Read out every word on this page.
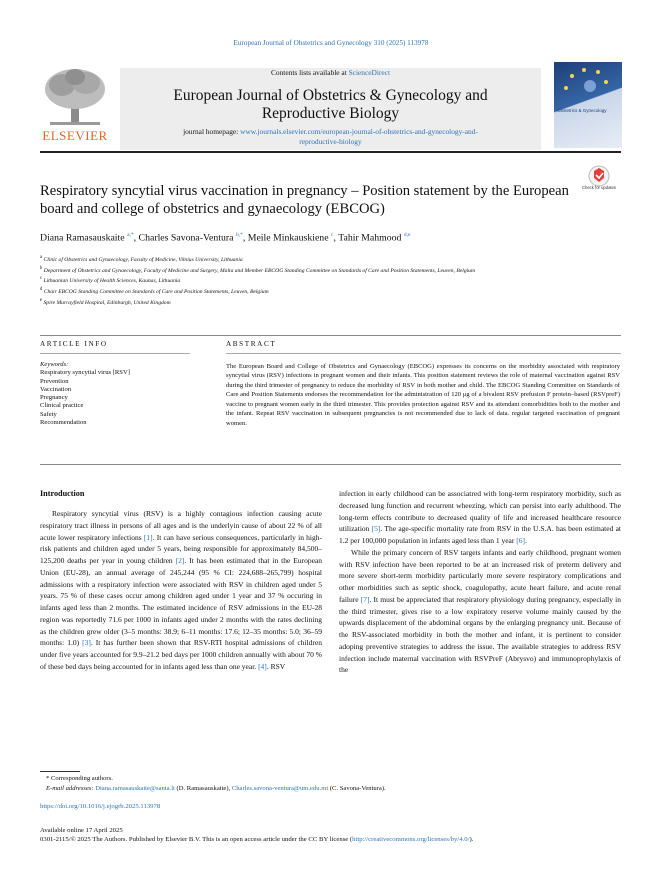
European Journal of Obstetrics and Gynecology 310 (2025) 113978
ELSEVIER
Contents lists available at ScienceDirect
European Journal of Obstetrics & Gynecology and
Reproductive Biology
journal homepage: www.journals.elsevier.com/european-journal-of-obstetrics-and-gynecology-and-
reproductive-biology
Obstetrics & Gynecology
Check for updates
Respiratory syncytial virus vaccination in pregnancy – Position statement by the European board and college of obstetrics and gynaecology (EBCOG)
Diana Ramasauskaite $^{a,*}$, Charles Savona-Ventura $^{b,*}$, Meile Minkauskiene $^c$, Tahir Mahmood $^{d,e}$
$^a$ Clinic of Obstetrics and Gynaecology, Faculty of Medicine, Vilnius University, Lithuania
$^b$ Department of Obstetrics and Gynaecology, Faculty of Medicine and Surgery, Malta and Member EBCOG Standing Committee on Standards of Care and Position Statements, Leuven, Belgium
$^c$ Lithuanian University of Health Sciences, Kaunas, Lithuania
$^d$ Chair EBCOG Standing Committee on Standards of Care and Position Statements, Leuven, Belgium
$^e$ Spire Murrayfield Hospital, Edinburgh, United Kingdom
ARTICLE INFO	ABSTRACT
Keywords:
Respiratory syncytial virus [RSV]
Prevention
Vaccination
Pregnancy
Clinical practice
Safety
Recommendation
The European Board and College of Obstetrics and Gynaecology (EBCOG) expresses its concerns on the morbidity associated with respiratory syncytial virus (RSV) infections in pregnant women and their infants. This position statement reviews the role of maternal vaccination against RSV during the third trimester of pregnancy to reduce the morbidity of RSV in both mother and child. The EBCOG Standing Committee on Standards of Care and Position Statements endorses the recommendation for the administration of 120 μg of a bivalent RSV prefusion F protein–based (RSVpreF) vaccine to pregnant women early in the third trimester. This provides protection against RSV and its attendant comorbidities both to the mother and the infant. Repeat RSV vaccination in subsequent pregnancies is not recommended due to lack of data. regular targeted vaccination of pregnant women.
Introduction

Respiratory syncytial virus (RSV) is a highly contagious infection causing acute respiratory tract illness in persons of all ages and is the underlyin cause of about 22 % of all acute lower respiratory infections [1]. It can have serious consequences, particularly in high-risk patients and children aged under 5 years, being responsible for approximately 84,500–125,200 deaths per year in young children [2]. It has been estimated that in the European Union (EU-28), an annual average of 245,244 (95 % CI: 224,688–265,799) hospital admissions with a respiratory infection were associated with RSV in children aged under 5 years. 75 % of these cases occur among children aged under 1 year and 37 % occuring in infants aged less than 2 months. The estimated incidence of RSV admissions in the EU-28 region was reportedly 71.6 per 1000 in infants aged under 2 months with the rates declining as the children grew older (3–5 months: 38.9; 6–11 months: 17.6; 12–35 months: 5.0; 36–59 months: 1.0) [3]. It has further been shown that RSV-RTI hospital admissions of children under five years accounted for 9.9–21.2 bed days per 1000 children annually with about 70 % of these bed days being accounted for in infants aged less than one year. [4]. RSV

infection in early childhood can be associatred with long-term respiratory morbidity, such as decreased lung function and recurrent wheezing, which can persist into early adulthood. The long-term effects contribute to decreased quality of life and increased healthcare resource utilization [5]. The age-specific mortality rate from RSV in the U.S.A. has been estimated at 1.2 per 100,000 population in infants aged less than 1 year [6].

While the primary concern of RSV targets infants and early childhood, pregnant women with RSV infection have been reported to be at an increased risk of preterm delivery and more severe short-term morbidity particularly more severe respiratory complications and other morbidities such as septic shock, coagulopathy, acute heart failure, and acute renal failure [7]. It must be appreciated that respiratory physiology during pregnancy, especially in the third trimester, gives rise to a low expiratory reserve volume mainly caused by the upwards displacement of the abdominal organs by the enlarging pregnancy unit. Because of the RSV-associated morbidity in both the mother and infant, it is pertinent to consider adoping preventive strategies to address the issue. The available strategies to address RSV infection include maternal vaccination with RSVPreF (Abrysvo) and immunoprophylaxis of the

* Corresponding authors.
E-mail addresses: Diana.ramasauskaite@santa.lt (D. Ramasauskaite), Charles.savona-ventura@um.edu.mt (C. Savona-Ventura).
https://doi.org/10.1016/j.ejogrb.2025.113978
Available online 17 April 2025
0301-2115/© 2025 The Authors. Published by Elsevier B.V. This is an open access article under the CC BY license (http://creativecommons.org/licenses/by/4.0/).
